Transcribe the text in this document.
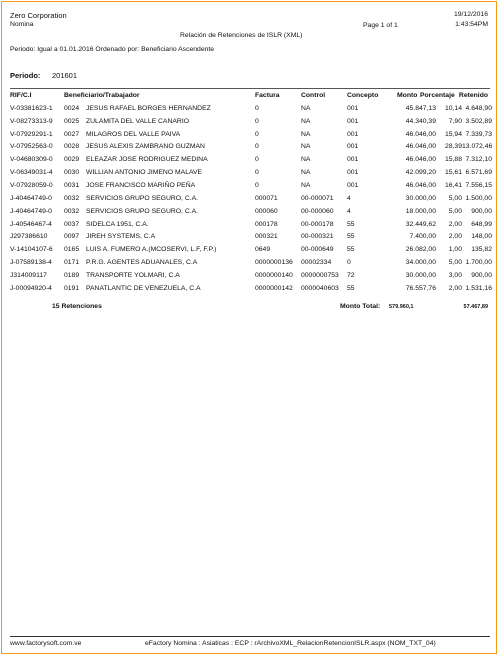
Zero Corporation
Nomina
Relación de Retenciones de ISLR (XML)
Page 1 of 1
19/12/2016
1:43:54PM
Periodo: Igual a 01.01.2016 Ordenado por: Beneficiario Ascendente
Periodo: 201601
RIF/C.I	Beneficiario/Trabajador	Factura	Control	Concepto	Monto Porcentaje Retenido
V-03381623-1	0024	JESUS RAFAEL BORGES HERNANDEZ	0	NA	001	45.847,13	10,14	4.648,90
V-08273313-9	0025	ZULAMITA DEL VALLE CANARIO	0	NA	001	44.340,39	7,90	3.502,89
V-07929291-1	0027	MILAGROS DEL VALLE PAIVA	0	NA	001	46.046,00	15,94	7.339,73
V-07952563-0	0028	JESUS ALEXIS ZAMBRANO GUZMAN	0	NA	001	46.046,00	28,39	13.072,46
V-04680309-0	0029	ELEAZAR JOSE RODRIGUEZ MEDINA	0	NA	001	46.046,00	15,88	7.312,10
V-06349031-4	0030	WILLIAN ANTONIO JIMENO MALAVE	0	NA	001	42.099,20	15,61	6.571,69
V-07928059-0	0031	JOSE FRANCISCO MARIÑO PEÑA	0	NA	001	46.046,00	16,41	7.556,15
J-40464749-0	0032	SERVICIOS GRUPO SEGURO, C.A.	000071	00-000071	4	30.000,00	5,00	1.500,00
J-40464749-0	0032	SERVICIOS GRUPO SEGURO, C.A.	000060	00-000060	4	18.000,00	5,00	900,00
J-40546467-4	0037	SIDELCA 1951, C.A.	000178	00-000178	55	32.449,62	2,00	648,99
J297386610	0097	JIREH SYSTEMS, C.A	000321	00-000321	55	7.400,00	2,00	148,00
V-14104107-6	0165	LUIS A. FUMERO A.(MCOSERVI, L.F, F.P.)	0649	00-000649	55	26.082,00	1,00	135,82
J-07589138-4	0171	P.R.G. AGENTES ADUANALES, C.A	0000000136	00002334	0	34.000,00	5,00	1.700,00
J314009117	0189	TRANSPORTE YOLMARI, C.A	0000000140	0000000753	72	30.000,00	3,00	900,00
J-00094920-4	0191	PANATLANTIC DE VENEZUELA, C.A	0000000142	0000040603	55	76.557,76	2,00	1.531,16
15 Retenciones	Monto Total: 579.960,1	57.467,89
www.factorysoft.com.ve	eFactory Nomina : Asiaticas : ECP : rArchivoXML_RelacionRetencionISLR.aspx (NOM_TXT_04)
